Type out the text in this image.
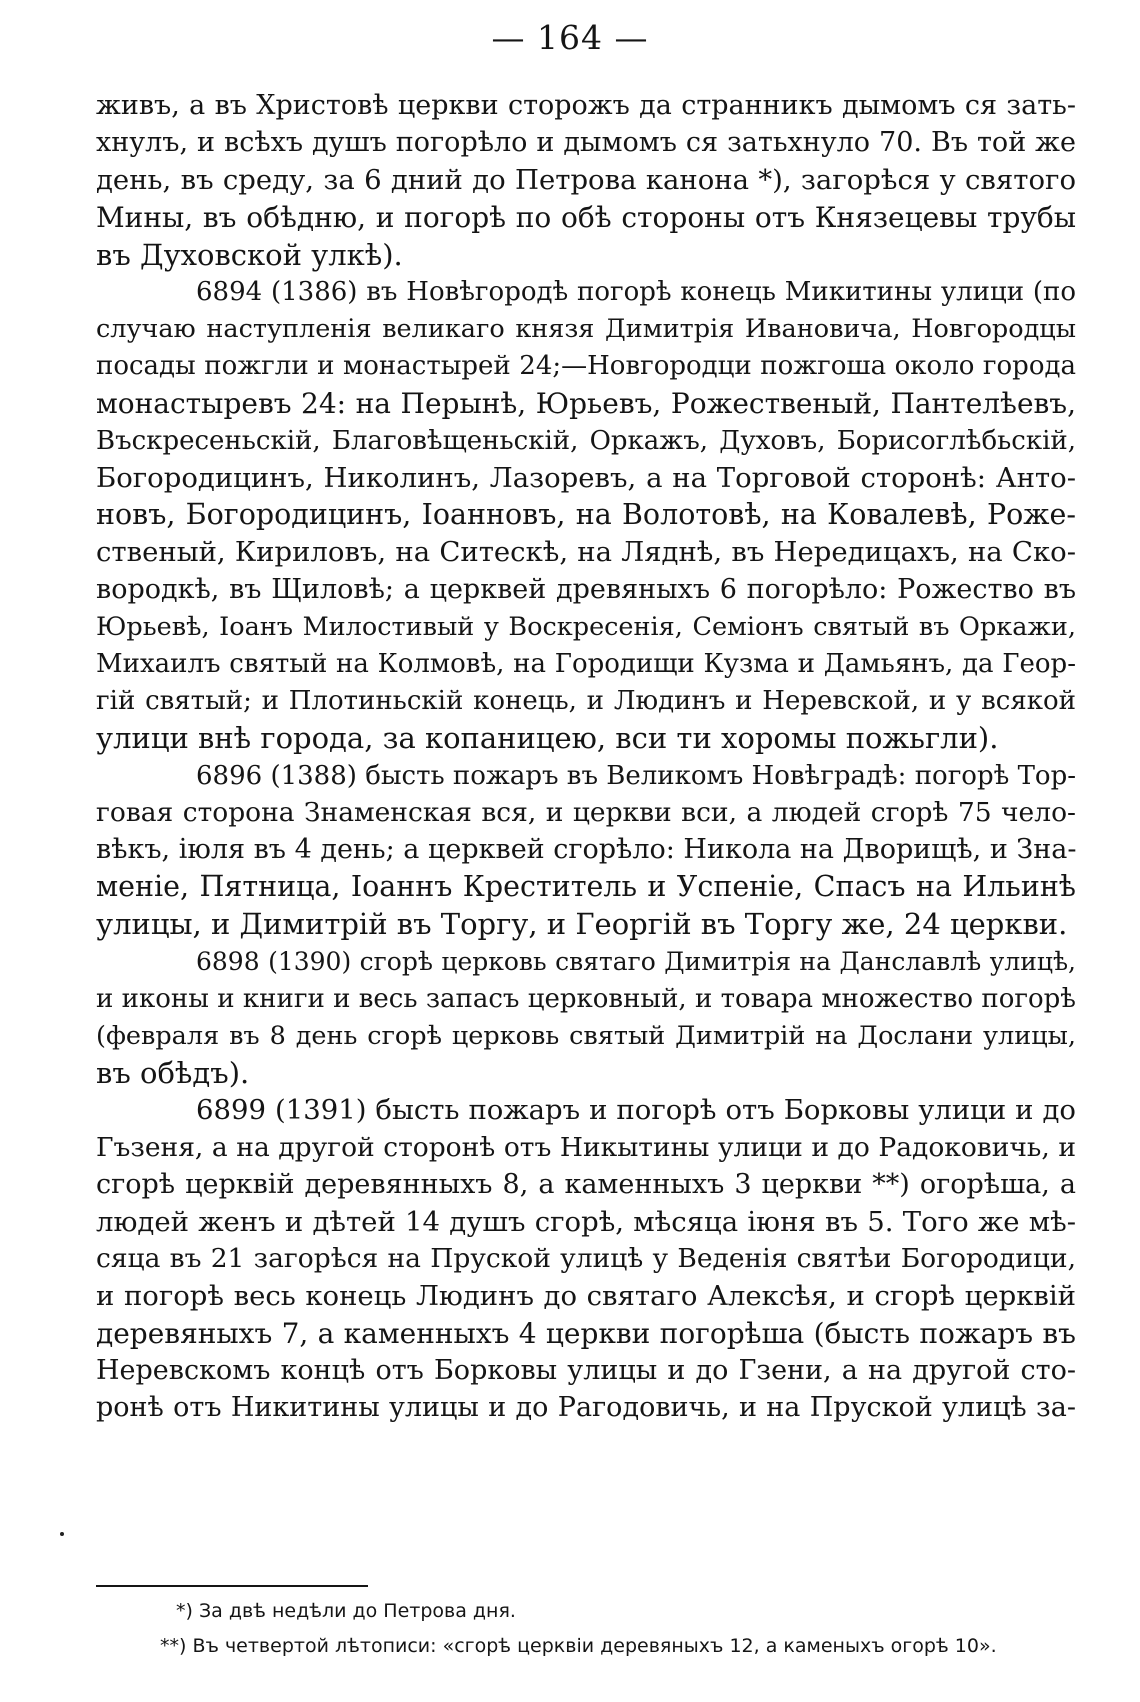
— 164 —
живъ, а въ Христовѣ церкви сторожъ да странникъ дымомъ ся зать-
хнулъ, и всѣхъ душъ погорѣло и дымомъ ся затьхнуло 70. Въ той же
день, въ среду, за 6 дний до Петрова канона *), загорѣся у святого
Мины, въ обѣдню, и погорѣ по обѣ стороны отъ Князецевы трубы
въ Духовской улкѣ).
6894 (1386) въ Новѣгородѣ погорѣ конець Микитины улици (по
случаю наступленія великаго князя Димитрія Ивановича, Новгородцы
посады пожгли и монастырей 24;—Новгородци пожгоша около города
монастыревъ 24: на Перынѣ, Юрьевъ, Рожественый, Пантелѣевъ,
Въскресеньскій, Благовѣщеньскій, Оркажъ, Духовъ, Борисоглѣбьскій,
Богородицинъ, Николинъ, Лазоревъ, а на Торговой сторонѣ: Анто-
новъ, Богородицинъ, Іоанновъ, на Волотовѣ, на Ковалевѣ, Роже-
ственый, Кириловъ, на Ситескѣ, на Ляднѣ, въ Нередицахъ, на Ско-
вородкѣ, въ Щиловѣ; а церквей древяныхъ 6 погорѣло: Рожество въ
Юрьевѣ, Іоанъ Милостивый у Воскресенія, Семіонъ святый въ Оркажи,
Михаилъ святый на Колмовѣ, на Городищи Кузма и Дамьянъ, да Геор-
гій святый; и Плотиньскій конець, и Людинъ и Неревской, и у всякой
улици внѣ города, за копаницею, вси ти хоромы пожьгли).
6896 (1388) бысть пожаръ въ Великомъ Новѣградѣ: погорѣ Тор-
говая сторона Знаменская вся, и церкви вси, а людей сгорѣ 75 чело-
вѣкъ, іюля въ 4 день; а церквей сгорѣло: Никола на Дворищѣ, и Зна-
меніе, Пятница, Іоаннъ Креститель и Успеніе, Спасъ на Ильинѣ
улицы, и Димитрій въ Торгу, и Георгій въ Торгу же, 24 церкви.
6898 (1390) сгорѣ церковь святаго Димитрія на Данславлѣ улицѣ,
и иконы и книги и весь запасъ церковный, и товара множество погорѣ
(февраля въ 8 день сгорѣ церковь святый Димитрій на Дослани улицы,
въ обѣдъ).
6899 (1391) бысть пожаръ и погорѣ отъ Борковы улици и до
Гъзеня, а на другой сторонѣ отъ Никытины улици и до Радоковичь, и
сгорѣ церквій деревянныхъ 8, а каменныхъ 3 церкви **) огорѣша, а
людей женъ и дѣтей 14 душъ сгорѣ, мѣсяца іюня въ 5. Того же мѣ-
сяца въ 21 загорѣся на Пруской улицѣ у Веденія святѣи Богородици,
и погорѣ весь конець Людинъ до святаго Алексѣя, и сгорѣ церквій
деревяныхъ 7, а каменныхъ 4 церкви погорѣша (бысть пожаръ въ
Неревскомъ концѣ отъ Борковы улицы и до Гзени, а на другой сто-
ронѣ отъ Никитины улицы и до Рагодовичь, и на Пруской улицѣ за-
*) За двѣ недѣли до Петрова дня.
**) Въ четвертой лѣтописи: «сгорѣ церквіи деревяныхъ 12, а каменыхъ огорѣ 10».
